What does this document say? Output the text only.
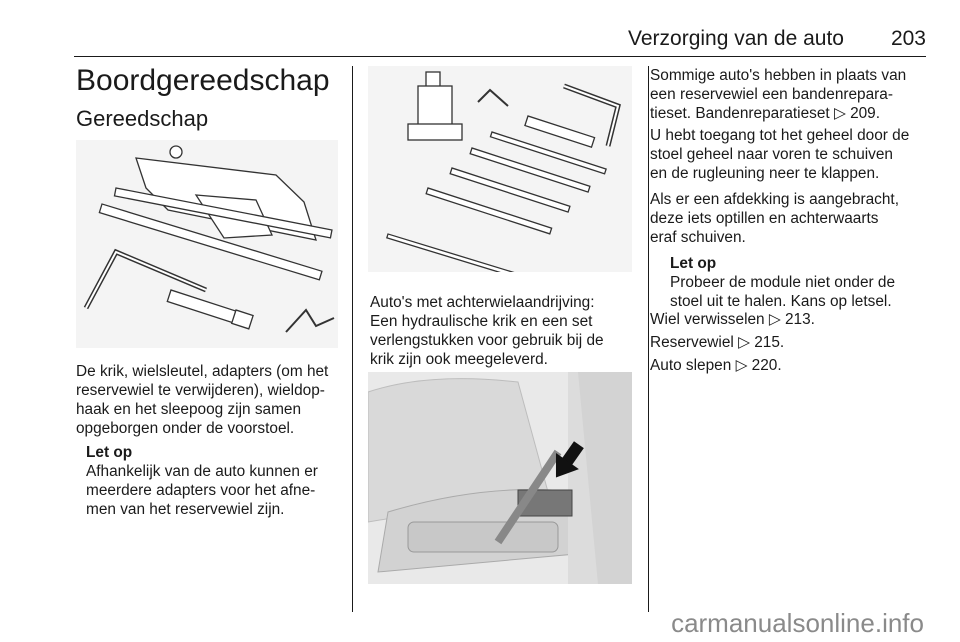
Verzorging van de auto 203
Boordgereedschap
Gereedschap

De krik, wielsleutel, adapters (om het
reservewiel te verwijderen), wieldop-
haak en het sleepoog zijn samen
opgeborgen onder de voorstoel.

Let op
Afhankelijk van de auto kunnen er
meerdere adapters voor het afne-
men van het reservewiel zijn.

Auto's met achterwielaandrijving:
Een hydraulische krik en een set
verlengstukken voor gebruik bij de
krik zijn ook meegeleverd.

Sommige auto's hebben in plaats van
een reservewiel een bandenrepara-
tieset. Bandenreparatieset ▷ 209.

U hebt toegang tot het geheel door de
stoel geheel naar voren te schuiven
en de rugleuning neer te klappen.

Als er een afdekking is aangebracht,
deze iets optillen en achterwaarts
eraf schuiven.

Let op
Probeer de module niet onder de
stoel uit te halen. Kans op letsel.

Wiel verwisselen ▷ 213.

Reservewiel ▷ 215.

Auto slepen ▷ 220.

carmanualsonline.info
